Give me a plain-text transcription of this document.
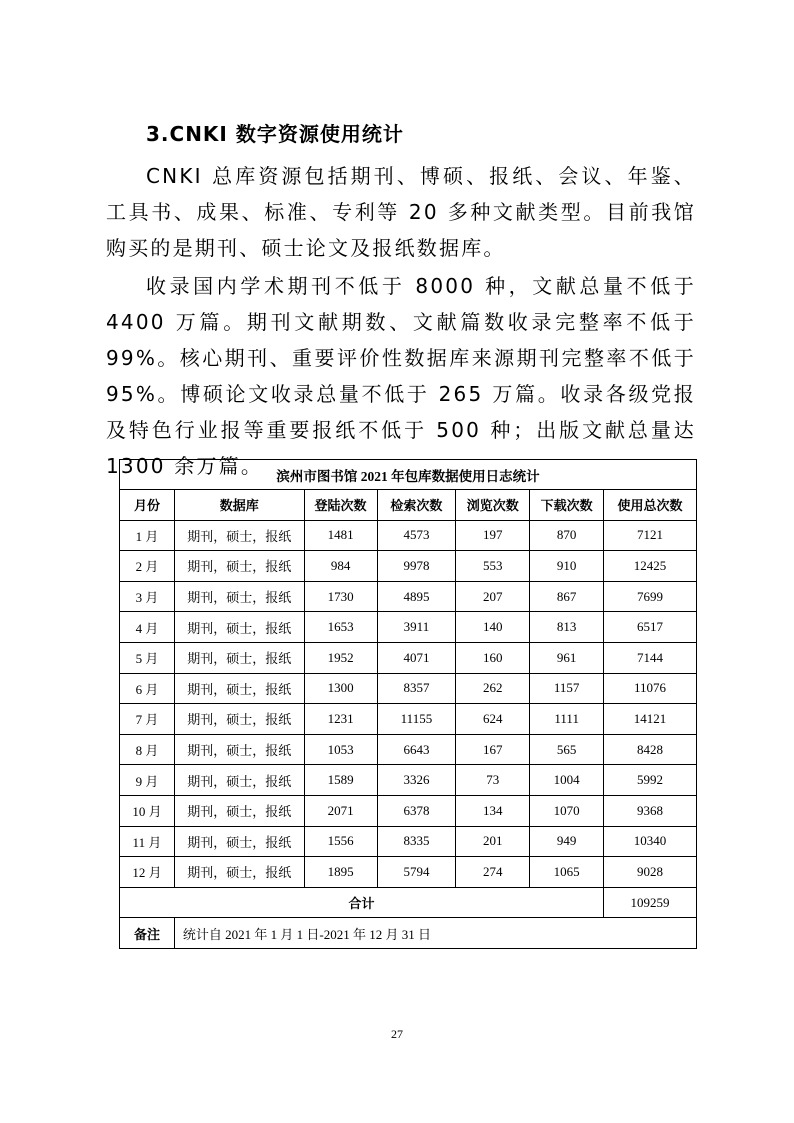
3.CNKI 数字资源使用统计

CNKI 总库资源包括期刊、博硕、报纸、会议、年鉴、工具书、成果、标准、专利等 20 多种文献类型。目前我馆购买的是期刊、硕士论文及报纸数据库。

收录国内学术期刊不低于 8000 种，文献总量不低于 4400 万篇。期刊文献期数、文献篇数收录完整率不低于 99%。核心期刊、重要评价性数据库来源期刊完整率不低于 95%。博硕论文收录总量不低于 265 万篇。收录各级党报及特色行业报等重要报纸不低于 500 种；出版文献总量达 1300 余万篇。 滨州市图书馆 2021 年包库数据使用日志统计						
月份	数据库	登陆次数	检索次数	浏览次数	下载次数	使用总次数
1 月	期刊，硕士，报纸	1481	4573	197	870	7121
2 月	期刊，硕士，报纸	984	9978	553	910	12425
3 月	期刊，硕士，报纸	1730	4895	207	867	7699
4 月	期刊，硕士，报纸	1653	3911	140	813	6517
5 月	期刊，硕士，报纸	1952	4071	160	961	7144
6 月	期刊，硕士，报纸	1300	8357	262	1157	11076
7 月	期刊，硕士，报纸	1231	11155	624	1111	14121
8 月	期刊，硕士，报纸	1053	6643	167	565	8428
9 月	期刊，硕士，报纸	1589	3326	73	1004	5992
10 月	期刊，硕士，报纸	2071	6378	134	1070	9368
11 月	期刊，硕士，报纸	1556	8335	201	949	10340
12 月	期刊，硕士，报纸	1895	5794	274	1065	9028
合计						109259
备注	统计自 2021 年 1 月 1 日-2021 年 12 月 31 日					
27
